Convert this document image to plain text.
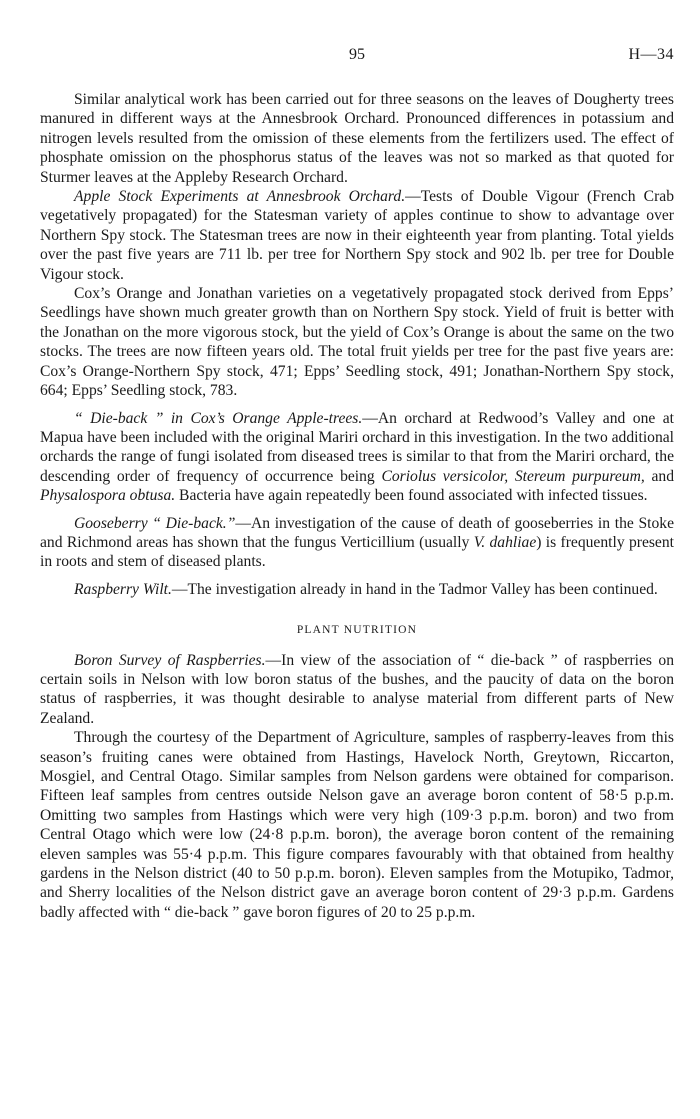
95	H—34

Similar analytical work has been carried out for three seasons on the leaves of Dougherty trees manured in different ways at the Annesbrook Orchard. Pronounced differences in potassium and nitrogen levels resulted from the omission of these elements from the fertilizers used. The effect of phosphate omission on the phosphorus status of the leaves was not so marked as that quoted for Sturmer leaves at the Appleby Research Orchard.

Apple Stock Experiments at Annesbrook Orchard.—Tests of Double Vigour (French Crab vegetatively propagated) for the Statesman variety of apples continue to show to advantage over Northern Spy stock. The Statesman trees are now in their eighteenth year from planting. Total yields over the past five years are 711 lb. per tree for Northern Spy stock and 902 lb. per tree for Double Vigour stock.

Cox’s Orange and Jonathan varieties on a vegetatively propagated stock derived from Epps’ Seedlings have shown much greater growth than on Northern Spy stock. Yield of fruit is better with the Jonathan on the more vigorous stock, but the yield of Cox’s Orange is about the same on the two stocks. The trees are now fifteen years old. The total fruit yields per tree for the past five years are: Cox’s Orange-Northern Spy stock, 471; Epps’ Seedling stock, 491; Jonathan-Northern Spy stock, 664; Epps’ Seedling stock, 783.

“ Die-back ” in Cox’s Orange Apple-trees.—An orchard at Redwood’s Valley and one at Mapua have been included with the original Mariri orchard in this investigation. In the two additional orchards the range of fungi isolated from diseased trees is similar to that from the Mariri orchard, the descending order of frequency of occurrence being Coriolus versicolor, Stereum purpureum, and Physalospora obtusa. Bacteria have again repeatedly been found associated with infected tissues.

Gooseberry “ Die-back.”—An investigation of the cause of death of gooseberries in the Stoke and Richmond areas has shown that the fungus Verticillium (usually V. dahliae) is frequently present in roots and stem of diseased plants.

Raspberry Wilt.—The investigation already in hand in the Tadmor Valley has been continued.

PLANT NUTRITION

Boron Survey of Raspberries.—In view of the association of “ die-back ” of raspberries on certain soils in Nelson with low boron status of the bushes, and the paucity of data on the boron status of raspberries, it was thought desirable to analyse material from different parts of New Zealand.

Through the courtesy of the Department of Agriculture, samples of raspberry-leaves from this season’s fruiting canes were obtained from Hastings, Havelock North, Greytown, Riccarton, Mosgiel, and Central Otago. Similar samples from Nelson gardens were obtained for comparison. Fifteen leaf samples from centres outside Nelson gave an average boron content of 58·5 p.p.m. Omitting two samples from Hastings which were very high (109·3 p.p.m. boron) and two from Central Otago which were low (24·8 p.p.m. boron), the average boron content of the remaining eleven samples was 55·4 p.p.m. This figure compares favourably with that obtained from healthy gardens in the Nelson district (40 to 50 p.p.m. boron). Eleven samples from the Motupiko, Tadmor, and Sherry localities of the Nelson district gave an average boron content of 29·3 p.p.m. Gardens badly affected with “ die-back ” gave boron figures of 20 to 25 p.p.m.
